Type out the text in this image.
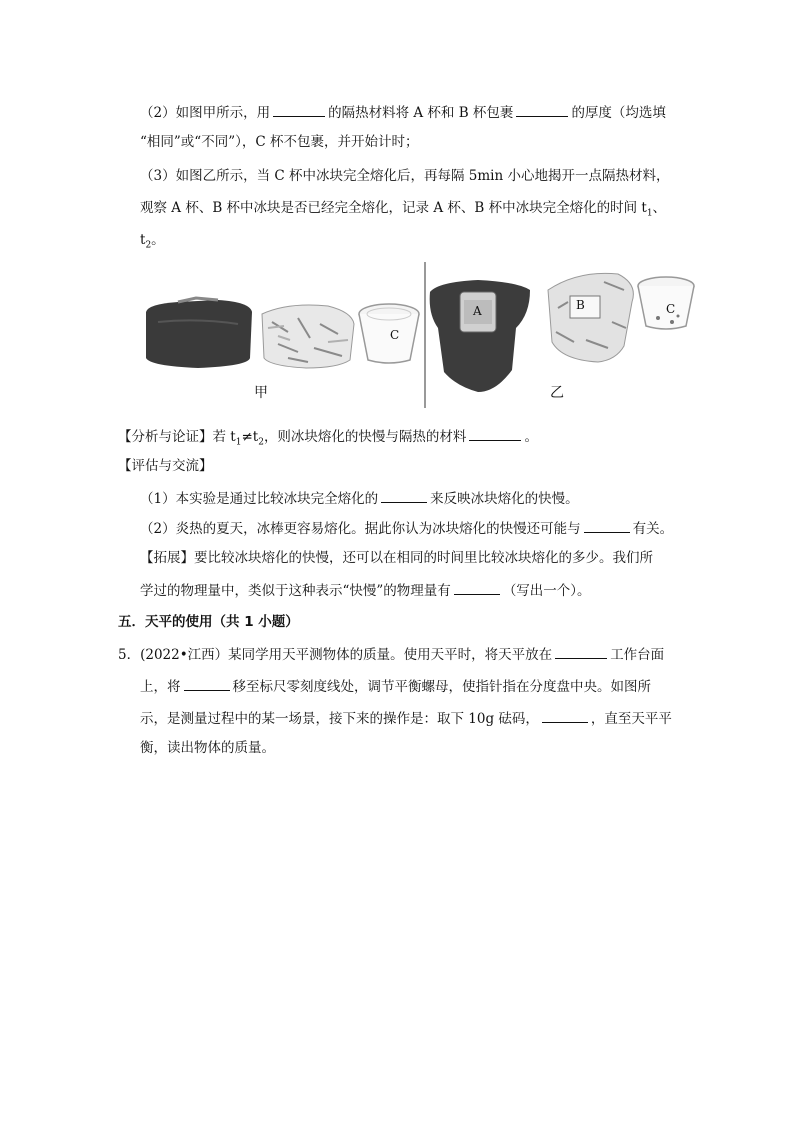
（2）如图甲所示，用	的隔热材料将 A 杯和 B 杯包裹	的厚度（均选填
“相同”或“不同”），C 杯不包裹，并开始计时；
（3）如图乙所示，当 C 杯中冰块完全熔化后，再每隔 5min 小心地揭开一点隔热材料，
观察 A 杯、B 杯中冰块是否已经完全熔化，记录 A 杯、B 杯中冰块完全熔化的时间 $t_1$、
$t_2$。
甲	乙
C
A	B	C
【分析与论证】若 $t_1\ne t_2$，则冰块熔化的快慢与隔热的材料	。
【评估与交流】
（1）本实验是通过比较冰块完全熔化的	来反映冰块熔化的快慢。
（2）炎热的夏天，冰棒更容易熔化。据此你认为冰块熔化的快慢还可能与	有关。
【拓展】要比较冰块熔化的快慢，还可以在相同的时间里比较冰块熔化的多少。我们所
学过的物理量中，类似于这种表示“快慢”的物理量有	（写出一个）。
五．天平的使用（共 1 小题）
5．(2022•江西）某同学用天平测物体的质量。使用天平时，将天平放在	工作台面
上，将	移至标尺零刻度线处，调节平衡螺母，使指针指在分度盘中央。如图所
示，是测量过程中的某一场景，接下来的操作是：取下 10g 砝码，	，直至天平平
衡，读出物体的质量。
